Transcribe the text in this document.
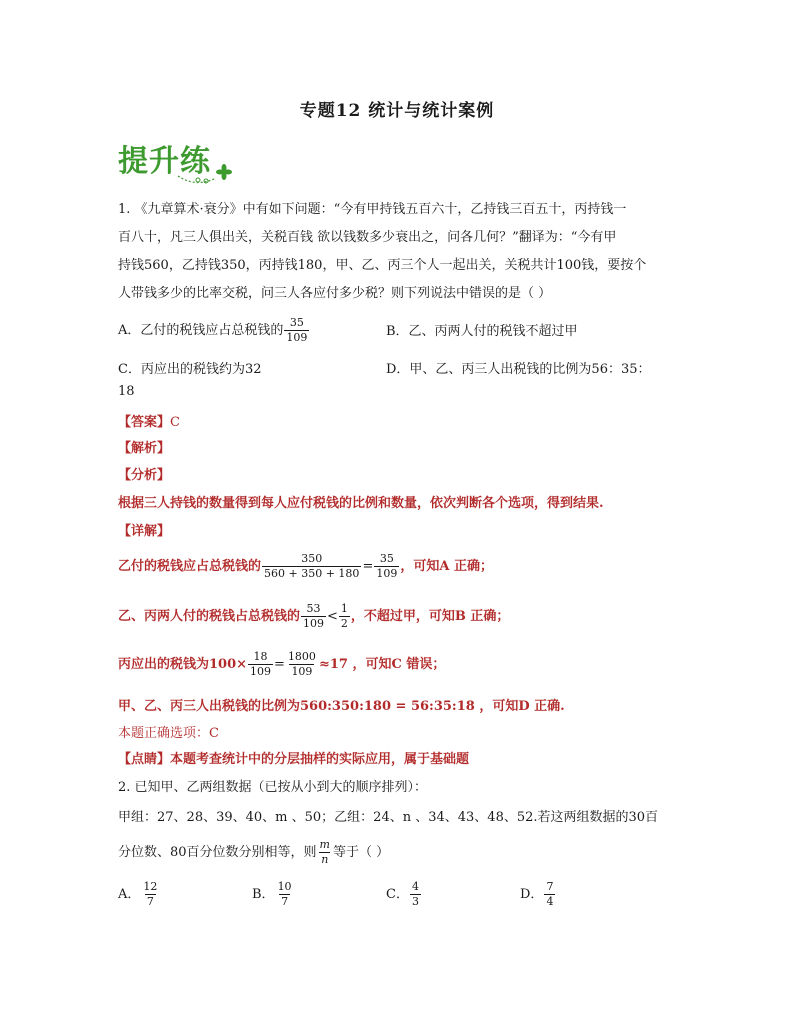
专题12 统计与统计案例
提升练
1. 《九章算术·衰分》中有如下问题：“今有甲持钱五百六十，乙持钱三百五十，丙持钱一
百八十，凡三人俱出关，关税百钱 欲以钱数多少衰出之，问各几何？”翻译为：“今有甲
持钱560，乙持钱350，丙持钱180，甲、乙、丙三个人一起出关，关税共计100钱，要按个
人带钱多少的比率交税，问三人各应付多少税？则下列说法中错误的是（ ）
A．乙付的税钱应占总税钱的 $\frac{35}{109}$	B．乙、丙两人付的税钱不超过甲
C．丙应出的税钱约为32	D．甲、乙、丙三人出税钱的比例为56：35：
18
【答案】C
【解析】
【分析】
根据三人持钱的数量得到每人应付税钱的比例和数量，依次判断各个选项，得到结果.
【详解】
乙付的税钱应占总税钱的 $\frac{350}{560 + 350 + 180} = \frac{35}{109}$ ，可知A 正确；
乙、丙两人付的税钱占总税钱的 $\frac{53}{109} < \frac{1}{2}$ ，不超过甲，可知B 正确；
丙应出的税钱为$100\times \frac{18}{109} = \frac{1800}{109} \approx 17$ ，可知C 错误；
甲、乙、丙三人出税钱的比例为560:350:180 = 56:35:18 ，可知D 正确.
本题正确选项：C
【点睛】本题考查统计中的分层抽样的实际应用，属于基础题
2. 已知甲、乙两组数据（已按从小到大的顺序排列）：
甲组：27、28、39、40、m 、50；乙组：24、n 、34、43、48、52.若这两组数据的30百
分位数、80百分位数分别相等，则 $\frac{m}{n}$ 等于（ ）
A． $\frac{12}{7}$	B． $\frac{10}{7}$	C． $\frac{4}{3}$	D． $\frac{7}{4}$
